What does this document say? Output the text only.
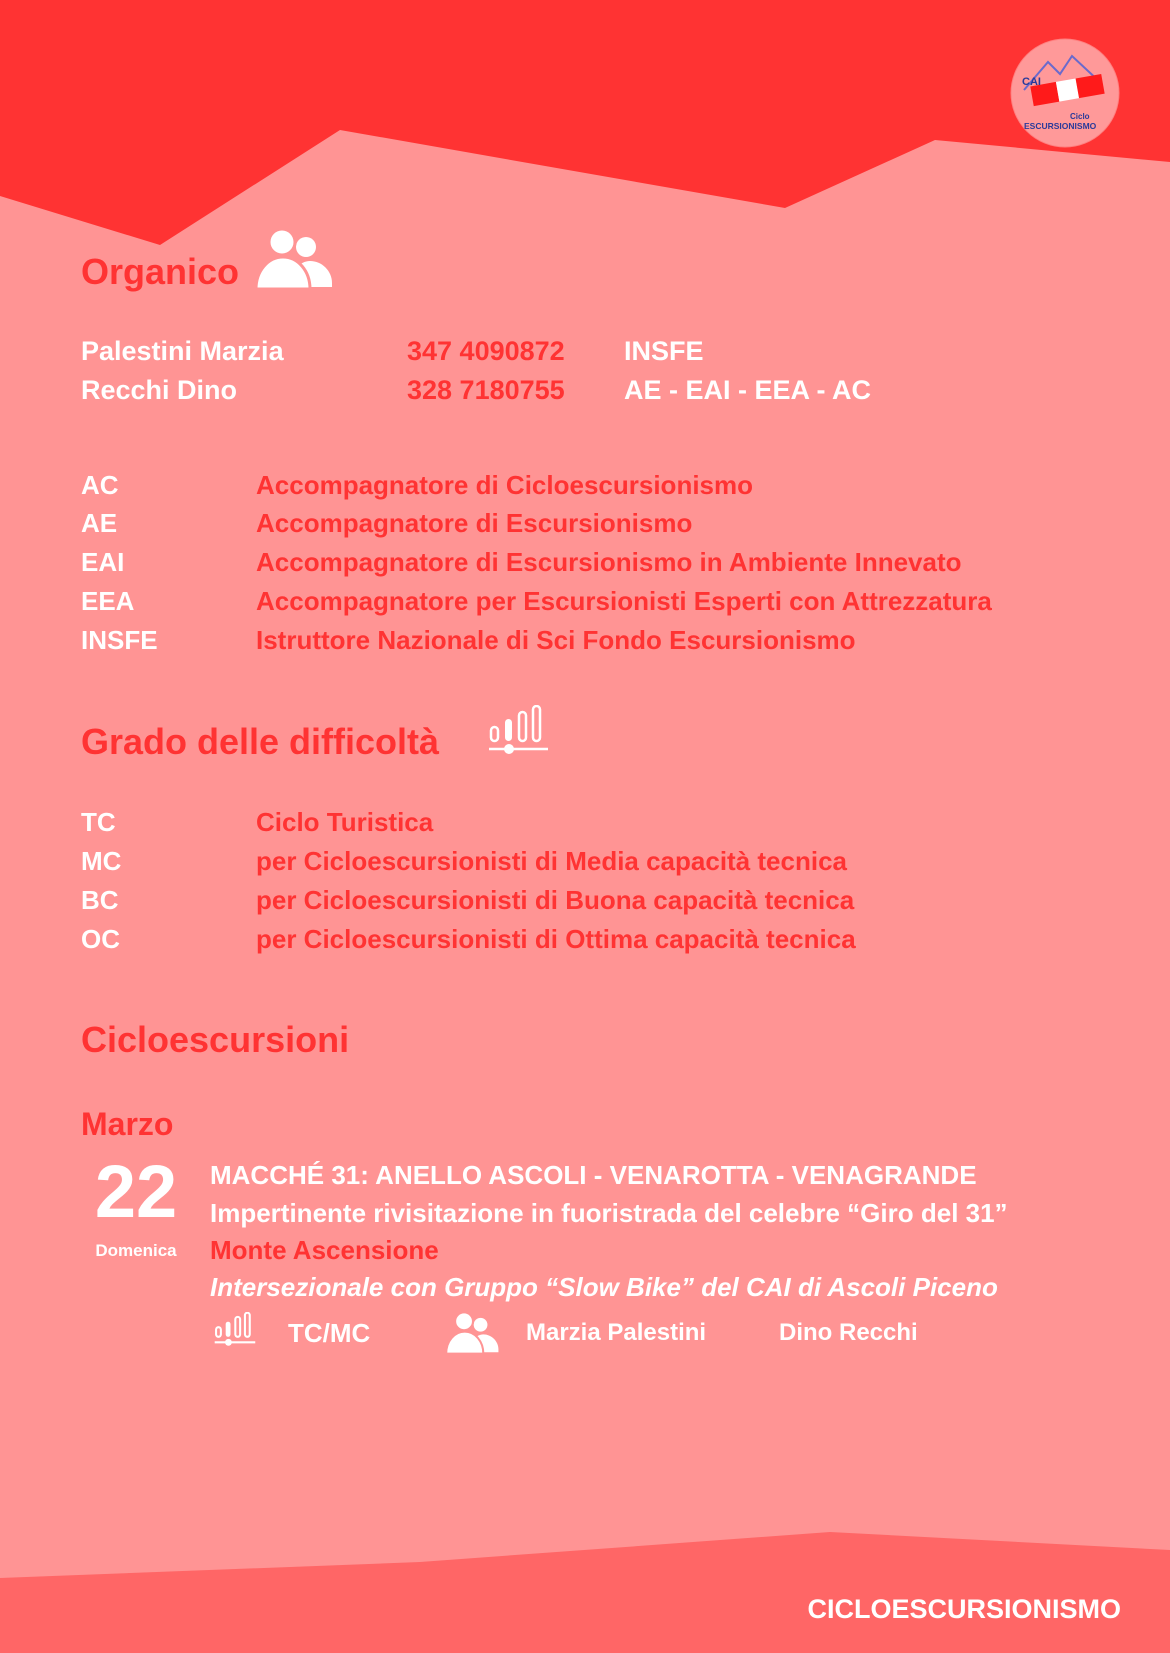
CAI
Ciclo
ESCURSIONISMO
Organico
Palestini Marzia	347 4090872	INSFE
Recchi Dino	328 7180755	AE - EAI - EEA - AC
AC	Accompagnatore di Cicloescursionismo
AE	Accompagnatore di Escursionismo
EAI	Accompagnatore di Escursionismo in Ambiente Innevato
EEA	Accompagnatore per Escursionisti Esperti con Attrezzatura
INSFE	Istruttore Nazionale di Sci Fondo Escursionismo
Grado delle difficoltà
TC	Ciclo Turistica
MC	per Cicloescursionisti di Media capacità tecnica
BC	per Cicloescursionisti di Buona capacità tecnica
OC	per Cicloescursionisti di Ottima capacità tecnica
Cicloescursioni
Marzo
22
Domenica
MACCHÉ 31: ANELLO ASCOLI - VENAROTTA - VENAGRANDE
Impertinente rivisitazione in fuoristrada del celebre “Giro del 31”
Monte Ascensione
Intersezionale con Gruppo “Slow Bike” del CAI di Ascoli Piceno
TC/MC	Marzia Palestini	Dino Recchi
CICLOESCURSIONISMO
